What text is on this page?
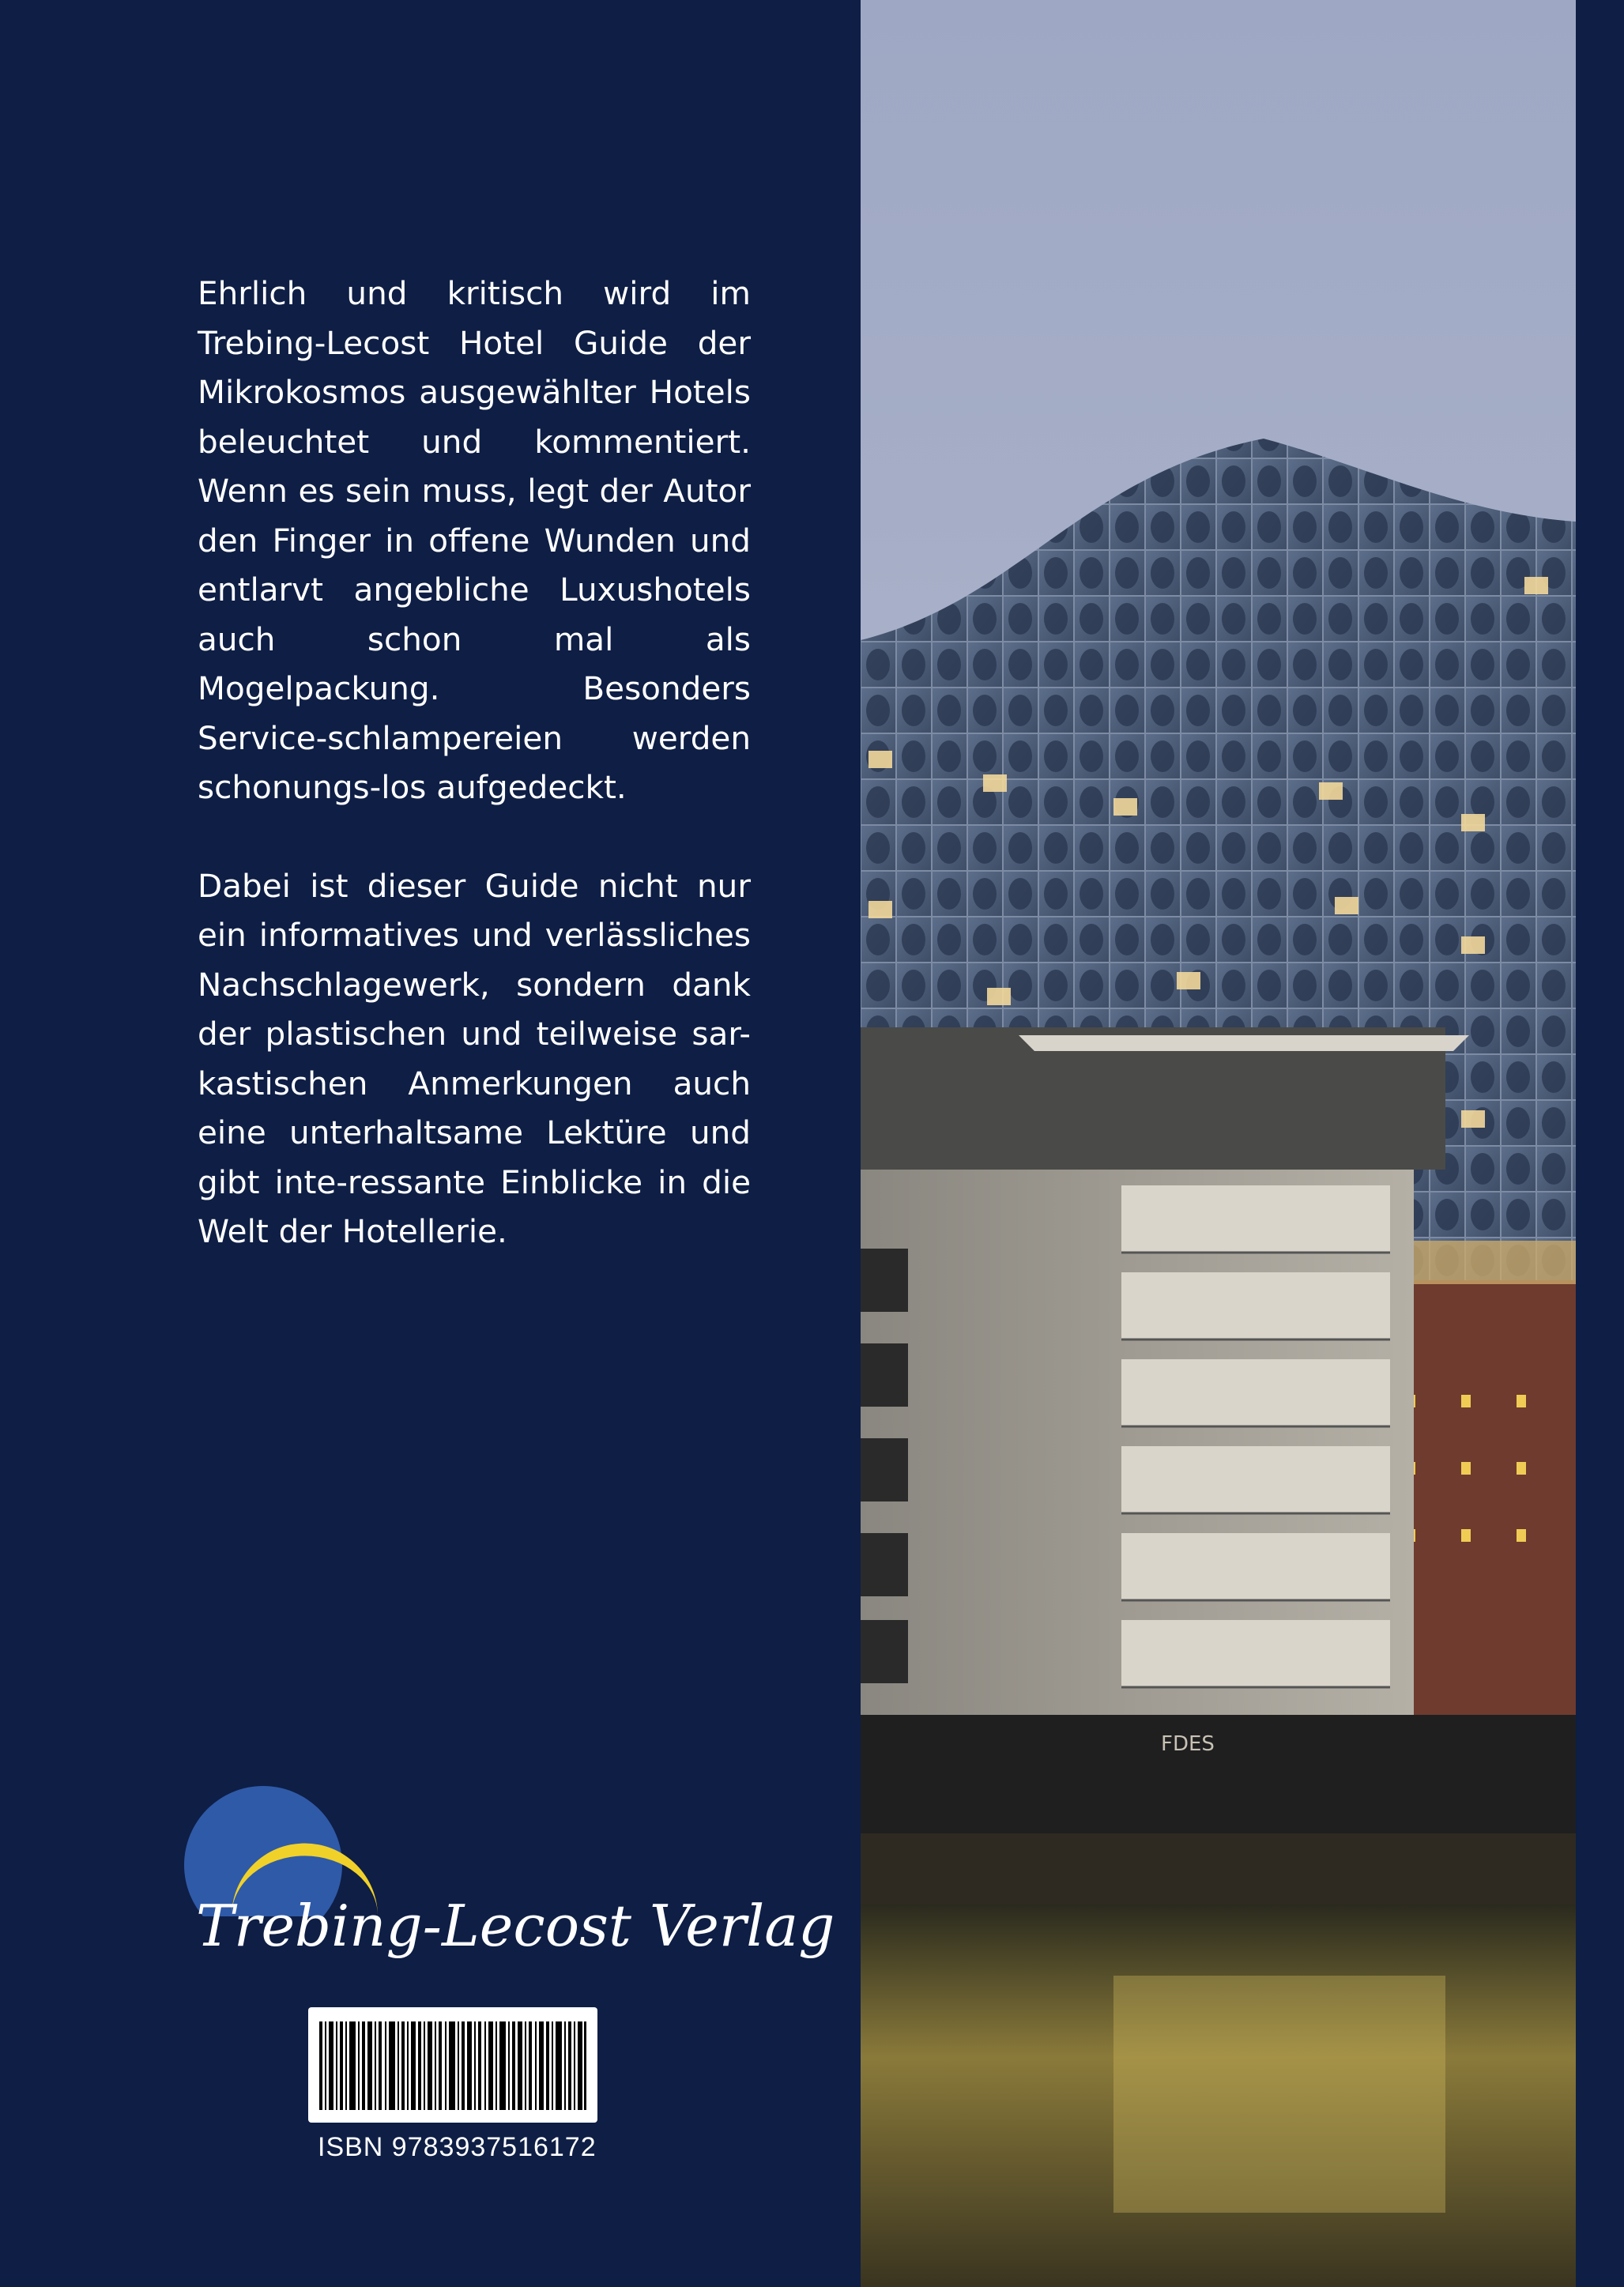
Ehrlich und kritisch wird im Trebing-Lecost Hotel Guide der Mikrokosmos ausgewählter Hotels beleuchtet und kommentiert. Wenn es sein muss, legt der Autor den Finger in offene Wunden und entlarvt angebliche Luxushotels auch schon mal als Mogelpackung. Besonders Service-schlampereien werden schonungs-los aufgedeckt.

Dabei ist dieser Guide nicht nur ein informatives und verlässliches Nachschlagewerk, sondern dank der plastischen und teilweise sar-kastischen Anmerkungen auch eine unterhaltsame Lektüre und gibt inte-ressante Einblicke in die Welt der Hotellerie.

FDES
Trebing-Lecost Verlag
ISBN 9783937516172
